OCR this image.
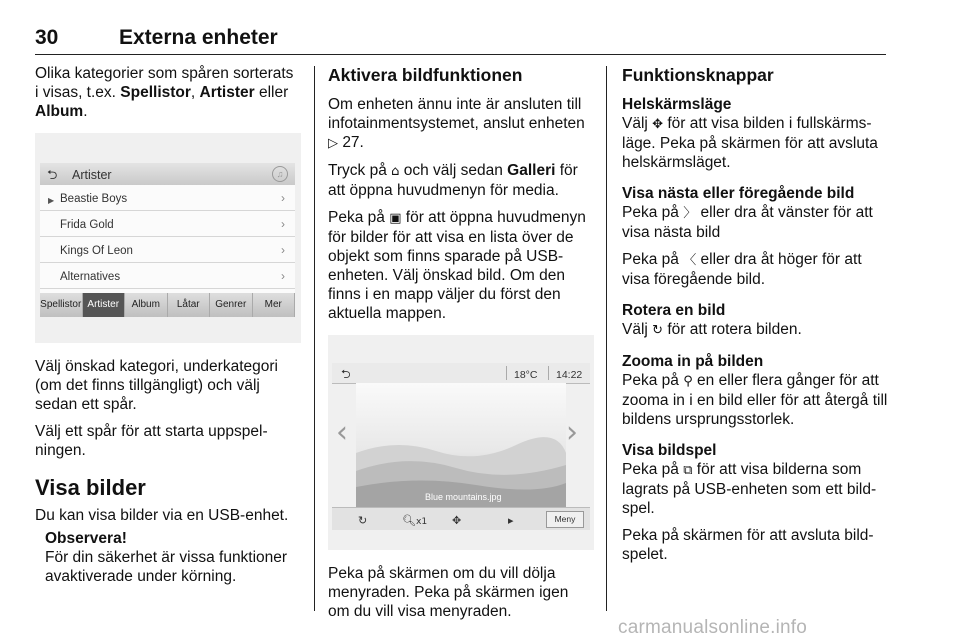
30	Externa enheter

Olika kategorier som spåren sorterats i visas, t.ex. Spellistor, Artister eller Album.

⮌ Artister	♫
▶ Beastie Boys	›
Frida Gold	›
Kings Of Leon	›
Alternatives	›
Spellistor Artister	Album	Låtar	Genrer	Mer

Välj önskad kategori, underkategori (om det finns tillgängligt) och välj sedan ett spår.

Välj ett spår för att starta uppspel-ningen.

Visa bilder

Du kan visa bilder via en USB-enhet.

Observera!

För din säkerhet är vissa funktioner avaktiverade under körning.

Aktivera bildfunktionen

Om enheten ännu inte är ansluten till infotainmentsystemet, anslut enheten ▷ 27.

Tryck på ⌂ och välj sedan Galleri för att öppna huvudmenyn för media.

Peka på ▣ för att öppna huvudmenyn för bilder för att visa en lista över de objekt som finns sparade på USB-enheten. Välj önskad bild. Om den finns i en mapp väljer du först den aktuella mappen.

⮌	18°C 14:22
‹
Blue mountains.jpg
›
↻	🔍︎x1 ✥	▸	Meny

Peka på skärmen om du vill dölja menyraden. Peka på skärmen igen om du vill visa menyraden.

Funktionsknappar
Helskärmsläge

Välj ✥ för att visa bilden i fullskärms-läge. Peka på skärmen för att avsluta helskärmsläget.

Visa nästa eller föregående bild

Peka på 〉 eller dra åt vänster för att visa nästa bild

Peka på 〈 eller dra åt höger för att visa föregående bild.

Rotera en bild

Välj ↻ för att rotera bilden.

Zooma in på bilden

Peka på ⚲ en eller flera gånger för att zooma in i en bild eller för att återgå till bildens ursprungsstorlek.

Visa bildspel

Peka på ⧉ för att visa bilderna som lagrats på USB-enheten som ett bild-spel.

Peka på skärmen för att avsluta bild-spelet.

carmanualsonline.info
